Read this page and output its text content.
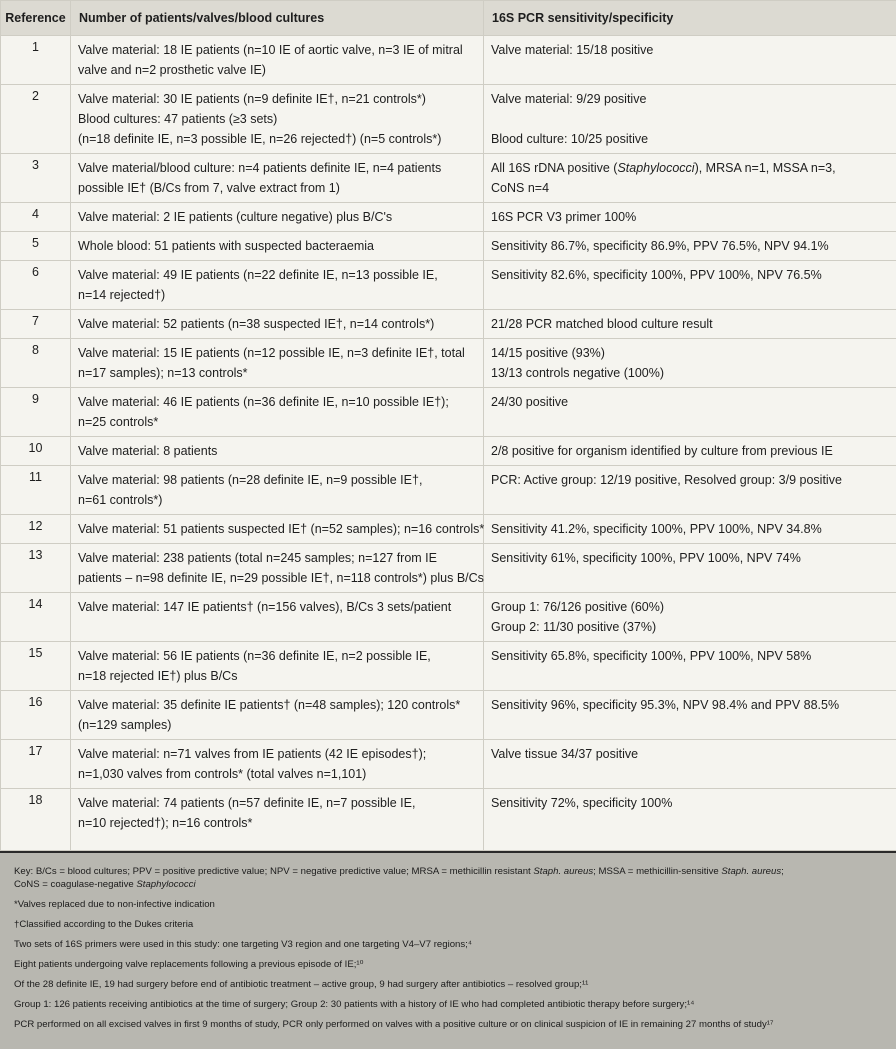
Reference	Number of patients/valves/blood cultures	16S PCR sensitivity/specificity
1	Valve material: 18 IE patients (n=10 IE of aortic valve, n=3 IE of mitral
valve and n=2 prosthetic valve IE)	Valve material: 15/18 positive

2	Valve material: 30 IE patients (n=9 definite IE†, n=21 controls*)
Blood cultures: 47 patients (≥3 sets)
(n=18 definite IE, n=3 possible IE, n=26 rejected†) (n=5 controls*)	Valve material: 9/29 positive

Blood culture: 10/25 positive

3	Valve material/blood culture: n=4 patients definite IE, n=4 patients
possible IE† (B/Cs from 7, valve extract from 1)	All 16S rDNA positive (Staphylococci), MRSA n=1, MSSA n=3,
CoNS n=4

4	Valve material: 2 IE patients (culture negative) plus B/C's	16S PCR V3 primer 100%

5	Whole blood: 51 patients with suspected bacteraemia	Sensitivity 86.7%, specificity 86.9%, PPV 76.5%, NPV 94.1%

6	Valve material: 49 IE patients (n=22 definite IE, n=13 possible IE,
n=14 rejected†)	Sensitivity 82.6%, specificity 100%, PPV 100%, NPV 76.5%

7	Valve material: 52 patients (n=38 suspected IE†, n=14 controls*)	21/28 PCR matched blood culture result

8	Valve material: 15 IE patients (n=12 possible IE, n=3 definite IE†, total
n=17 samples); n=13 controls*	14/15 positive (93%)
13/13 controls negative (100%)

9	Valve material: 46 IE patients (n=36 definite IE, n=10 possible IE†);
n=25 controls*	24/30 positive

10	Valve material: 8 patients	2/8 positive for organism identified by culture from previous IE

11	Valve material: 98 patients (n=28 definite IE, n=9 possible IE†,
n=61 controls*)	PCR: Active group: 12/19 positive, Resolved group: 3/9 positive

12	Valve material: 51 patients suspected IE† (n=52 samples); n=16 controls*	Sensitivity 41.2%, specificity 100%, PPV 100%, NPV 34.8%

13	Valve material: 238 patients (total n=245 samples; n=127 from IE
patients – n=98 definite IE, n=29 possible IE†, n=118 controls*) plus B/Cs	Sensitivity 61%, specificity 100%, PPV 100%, NPV 74%

14	Valve material: 147 IE patients† (n=156 valves), B/Cs 3 sets/patient	Group 1: 76/126 positive (60%)
Group 2: 11/30 positive (37%)

15	Valve material: 56 IE patients (n=36 definite IE, n=2 possible IE,
n=18 rejected IE†) plus B/Cs	Sensitivity 65.8%, specificity 100%, PPV 100%, NPV 58%

16	Valve material: 35 definite IE patients† (n=48 samples); 120 controls*
(n=129 samples)	Sensitivity 96%, specificity 95.3%, NPV 98.4% and PPV 88.5%

17	Valve material: n=71 valves from IE patients (42 IE episodes†);
n=1,030 valves from controls* (total valves n=1,101)	Valve tissue 34/37 positive

18	Valve material: 74 patients (n=57 definite IE, n=7 possible IE,
n=10 rejected†); n=16 controls*	Sensitivity 72%, specificity 100%

Key: B/Cs = blood cultures; PPV = positive predictive value; NPV = negative predictive value; MRSA = methicillin resistant Staph. aureus; MSSA = methicillin-sensitive Staph. aureus;
CoNS = coagulase-negative Staphylococci

*Valves replaced due to non-infective indication

†Classified according to the Dukes criteria

Two sets of 16S primers were used in this study: one targeting V3 region and one targeting V4–V7 regions;⁴

Eight patients undergoing valve replacements following a previous episode of IE;¹⁰

Of the 28 definite IE, 19 had surgery before end of antibiotic treatment – active group, 9 had surgery after antibiotics – resolved group;¹¹

Group 1: 126 patients receiving antibiotics at the time of surgery; Group 2: 30 patients with a history of IE who had completed antibiotic therapy before surgery;¹⁴

PCR performed on all excised valves in first 9 months of study, PCR only performed on valves with a positive culture or on clinical suspicion of IE in remaining 27 months of study¹⁷
